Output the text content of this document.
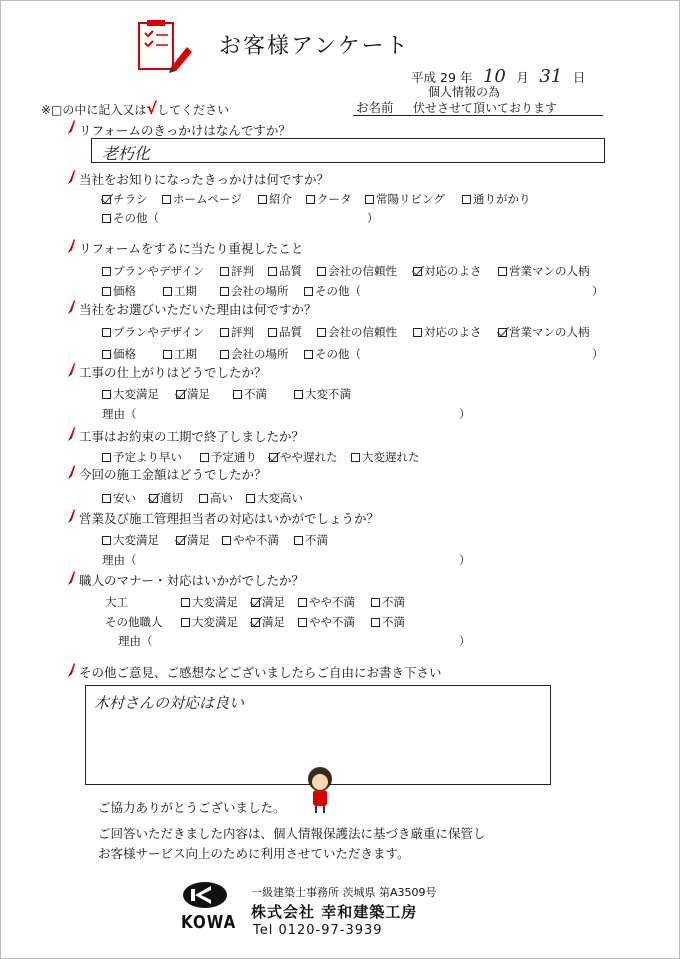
お客様アンケート
平成 29 年 10 月 31 日
個人情報の為
お名前 伏せさせて頂いております
※□の中に記入又は√してください
リフォームのきっかけはなんですか？
老朽化
当社をお知りになったきっかけは何ですか？
チラシ	ホームページ	紹介	クータ	常陽リビング	通りがかり
その他（	）
リフォームをするに当たり重視したこと
プランやデザイン	評判	品質	会社の信頼性	対応のよさ	営業マンの人柄
価格	工期	会社の場所	その他（	）
当社をお選びいただいた理由は何ですか？
プランやデザイン	評判	品質	会社の信頼性	対応のよさ	営業マンの人柄
価格	工期	会社の場所	その他（	）
工事の仕上がりはどうでしたか？
大変満足	満足	不満	大変不満
理由（	）
工事はお約束の工期で終了しましたか？
予定より早い	予定通り	やや遅れた	大変遅れた
今回の施工金額はどうでしたか？
安い	適切	高い	大変高い
営業及び施工管理担当者の対応はいかがでしょうか？
大変満足	満足	やや不満	不満
理由（	）
職人のマナー・対応はいかがでしたか？
大工	大変満足	満足	やや不満	不満
その他職人	大変満足	満足	やや不満	不満
理由（	）
その他ご意見、ご感想などございましたらご自由にお書き下さい
木村さんの対応は良い
ご協力ありがとうございました。
ご回答いただきました内容は、個人情報保護法に基づき厳重に保管し
お客様サービス向上のために利用させていただきます。
KOWA
一級建築士事務所 茨城県 第A3509号
株式会社 幸和建築工房
Tel 0120-97-3939
